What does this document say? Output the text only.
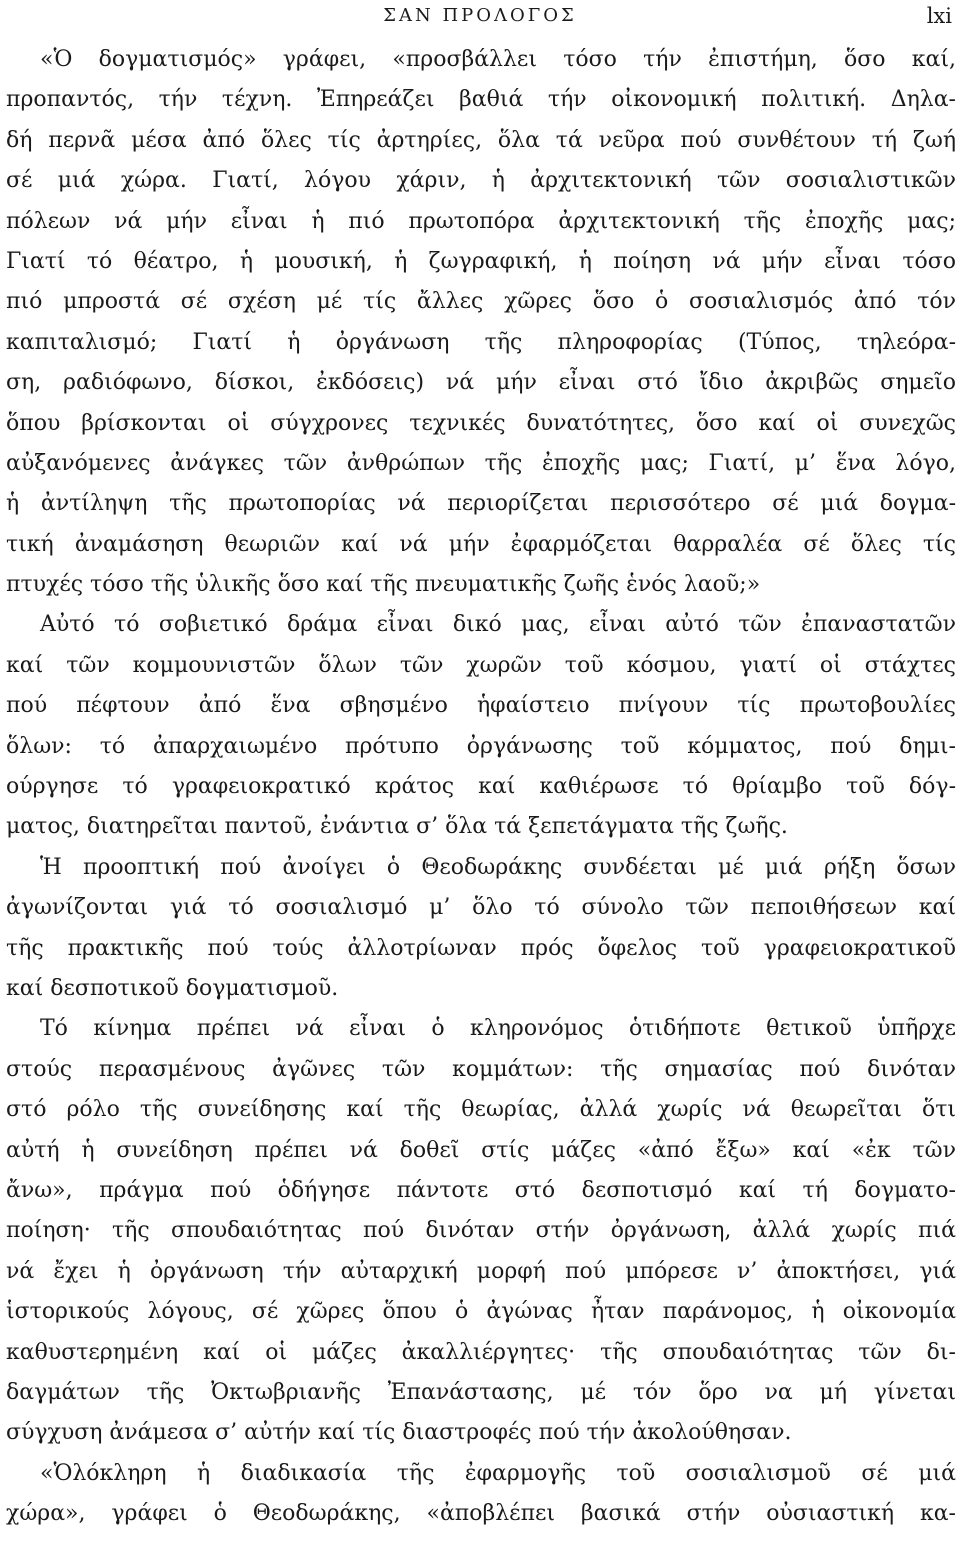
ΣΑΝ ΠΡΟΛΟΓΟΣ	lxi
«Ὁ δογματισμός» γράφει, «προσβάλλει τόσο τήν ἐπιστήμη, ὅσο καί,
προπαντός, τήν τέχνη. Ἐπηρεάζει βαθιά τήν οἰκονομική πολιτική. Δηλα-
δή περνᾶ μέσα ἀπό ὅλες τίς ἀρτηρίες, ὅλα τά νεῦρα πού συνθέτουν τή ζωή
σέ μιά χώρα. Γιατί, λόγου χάριν, ἡ ἀρχιτεκτονική τῶν σοσιαλιστικῶν
πόλεων νά μήν εἶναι ἡ πιό πρωτοπόρα ἀρχιτεκτονική τῆς ἐποχῆς μας;
Γιατί τό θέατρο, ἡ μουσική, ἡ ζωγραφική, ἡ ποίηση νά μήν εἶναι τόσο
πιό μπροστά σέ σχέση μέ τίς ἄλλες χῶρες ὅσο ὁ σοσιαλισμός ἀπό τόν
καπιταλισμό; Γιατί ἡ ὀργάνωση τῆς πληροφορίας (Τύπος, τηλεόρα-
ση, ραδιόφωνο, δίσκοι, ἐκδόσεις) νά μήν εἶναι στό ἴδιο ἀκριβῶς σημεῖο
ὅπου βρίσκονται οἱ σύγχρονες τεχνικές δυνατότητες, ὅσο καί οἱ συνεχῶς
αὐξανόμενες ἀνάγκες τῶν ἀνθρώπων τῆς ἐποχῆς μας; Γιατί, μ’ ἕνα λόγο,
ἡ ἀντίληψη τῆς πρωτοπορίας νά περιορίζεται περισσότερο σέ μιά δογμα-
τική ἀναμάσηση θεωριῶν καί νά μήν ἐφαρμόζεται θαρραλέα σέ ὅλες τίς
πτυχές τόσο τῆς ὑλικῆς ὅσο καί τῆς πνευματικῆς ζωῆς ἑνός λαοῦ;»
Αὐτό τό σοβιετικό δράμα εἶναι δικό μας, εἶναι αὐτό τῶν ἐπαναστατῶν
καί τῶν κομμουνιστῶν ὅλων τῶν χωρῶν τοῦ κόσμου, γιατί οἱ στάχτες
πού πέφτουν ἀπό ἕνα σβησμένο ἡφαίστειο πνίγουν τίς πρωτοβουλίες
ὅλων: τό ἀπαρχαιωμένο πρότυπο ὀργάνωσης τοῦ κόμματος, πού δημι-
ούργησε τό γραφειοκρατικό κράτος καί καθιέρωσε τό θρίαμβο τοῦ δόγ-
ματος, διατηρεῖται παντοῦ, ἐνάντια σ’ ὅλα τά ξεπετάγματα τῆς ζωῆς.
Ἡ προοπτική πού ἀνοίγει ὁ Θεοδωράκης συνδέεται μέ μιά ρήξη ὅσων
ἀγωνίζονται γιά τό σοσιαλισμό μ’ ὅλο τό σύνολο τῶν πεποιθήσεων καί
τῆς πρακτικῆς πού τούς ἀλλοτρίωναν πρός ὄφελος τοῦ γραφειοκρατικοῦ
καί δεσποτικοῦ δογματισμοῦ.
Τό κίνημα πρέπει νά εἶναι ὁ κληρονόμος ὁτιδήποτε θετικοῦ ὑπῆρχε
στούς περασμένους ἀγῶνες τῶν κομμάτων: τῆς σημασίας πού δινόταν
στό ρόλο τῆς συνείδησης καί τῆς θεωρίας, ἀλλά χωρίς νά θεωρεῖται ὅτι
αὐτή ἡ συνείδηση πρέπει νά δοθεῖ στίς μάζες «ἀπό ἔξω» καί «ἐκ τῶν
ἄνω», πράγμα πού ὁδήγησε πάντοτε στό δεσποτισμό καί τή δογματο-
ποίηση· τῆς σπουδαιότητας πού δινόταν στήν ὀργάνωση, ἀλλά χωρίς πιά
νά ἔχει ἡ ὀργάνωση τήν αὐταρχική μορφή πού μπόρεσε ν’ ἀποκτήσει, γιά
ἱστορικούς λόγους, σέ χῶρες ὅπου ὁ ἀγώνας ἦταν παράνομος, ἡ οἰκονομία
καθυστερημένη καί οἱ μάζες ἀκαλλιέργητες· τῆς σπουδαιότητας τῶν δι-
δαγμάτων τῆς Ὀκτωβριανῆς Ἐπανάστασης, μέ τόν ὅρο να μή γίνεται
σύγχυση ἀνάμεσα σ’ αὐτήν καί τίς διαστροφές πού τήν ἀκολούθησαν.
«Ὁλόκληρη ἡ διαδικασία τῆς ἐφαρμογῆς τοῦ σοσιαλισμοῦ σέ μιά
χώρα», γράφει ὁ Θεοδωράκης, «ἀποβλέπει βασικά στήν οὐσιαστική κα-
